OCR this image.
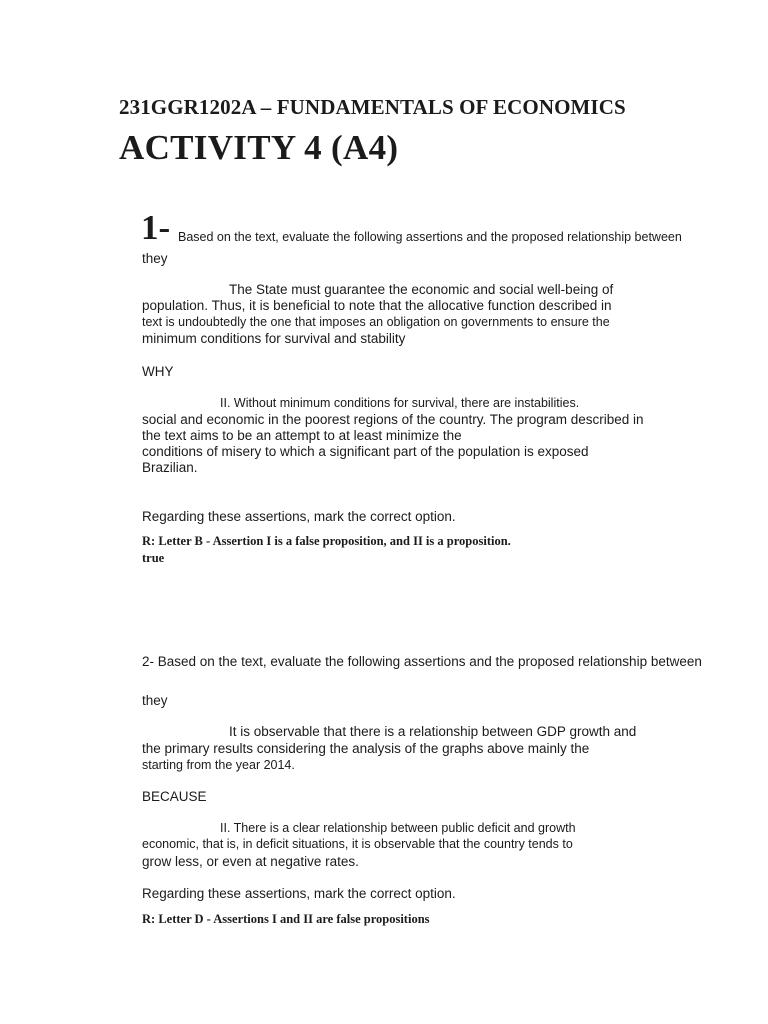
231GGR1202A – FUNDAMENTALS OF ECONOMICS
ACTIVITY 4 (A4)
1- Based on the text, evaluate the following assertions and the proposed relationship between
they
The State must guarantee the economic and social well-being of
population. Thus, it is beneficial to note that the allocative function described in
text is undoubtedly the one that imposes an obligation on governments to ensure the
minimum conditions for survival and stability
WHY
II. Without minimum conditions for survival, there are instabilities.
social and economic in the poorest regions of the country. The program described in
the text aims to be an attempt to at least minimize the
conditions of misery to which a significant part of the population is exposed
Brazilian.
Regarding these assertions, mark the correct option.
R: Letter B - Assertion I is a false proposition, and II is a proposition.
true
2- Based on the text, evaluate the following assertions and the proposed relationship between
they
It is observable that there is a relationship between GDP growth and
the primary results considering the analysis of the graphs above mainly the
starting from the year 2014.
BECAUSE
II. There is a clear relationship between public deficit and growth
economic, that is, in deficit situations, it is observable that the country tends to
grow less, or even at negative rates.
Regarding these assertions, mark the correct option.
R: Letter D - Assertions I and II are false propositions
